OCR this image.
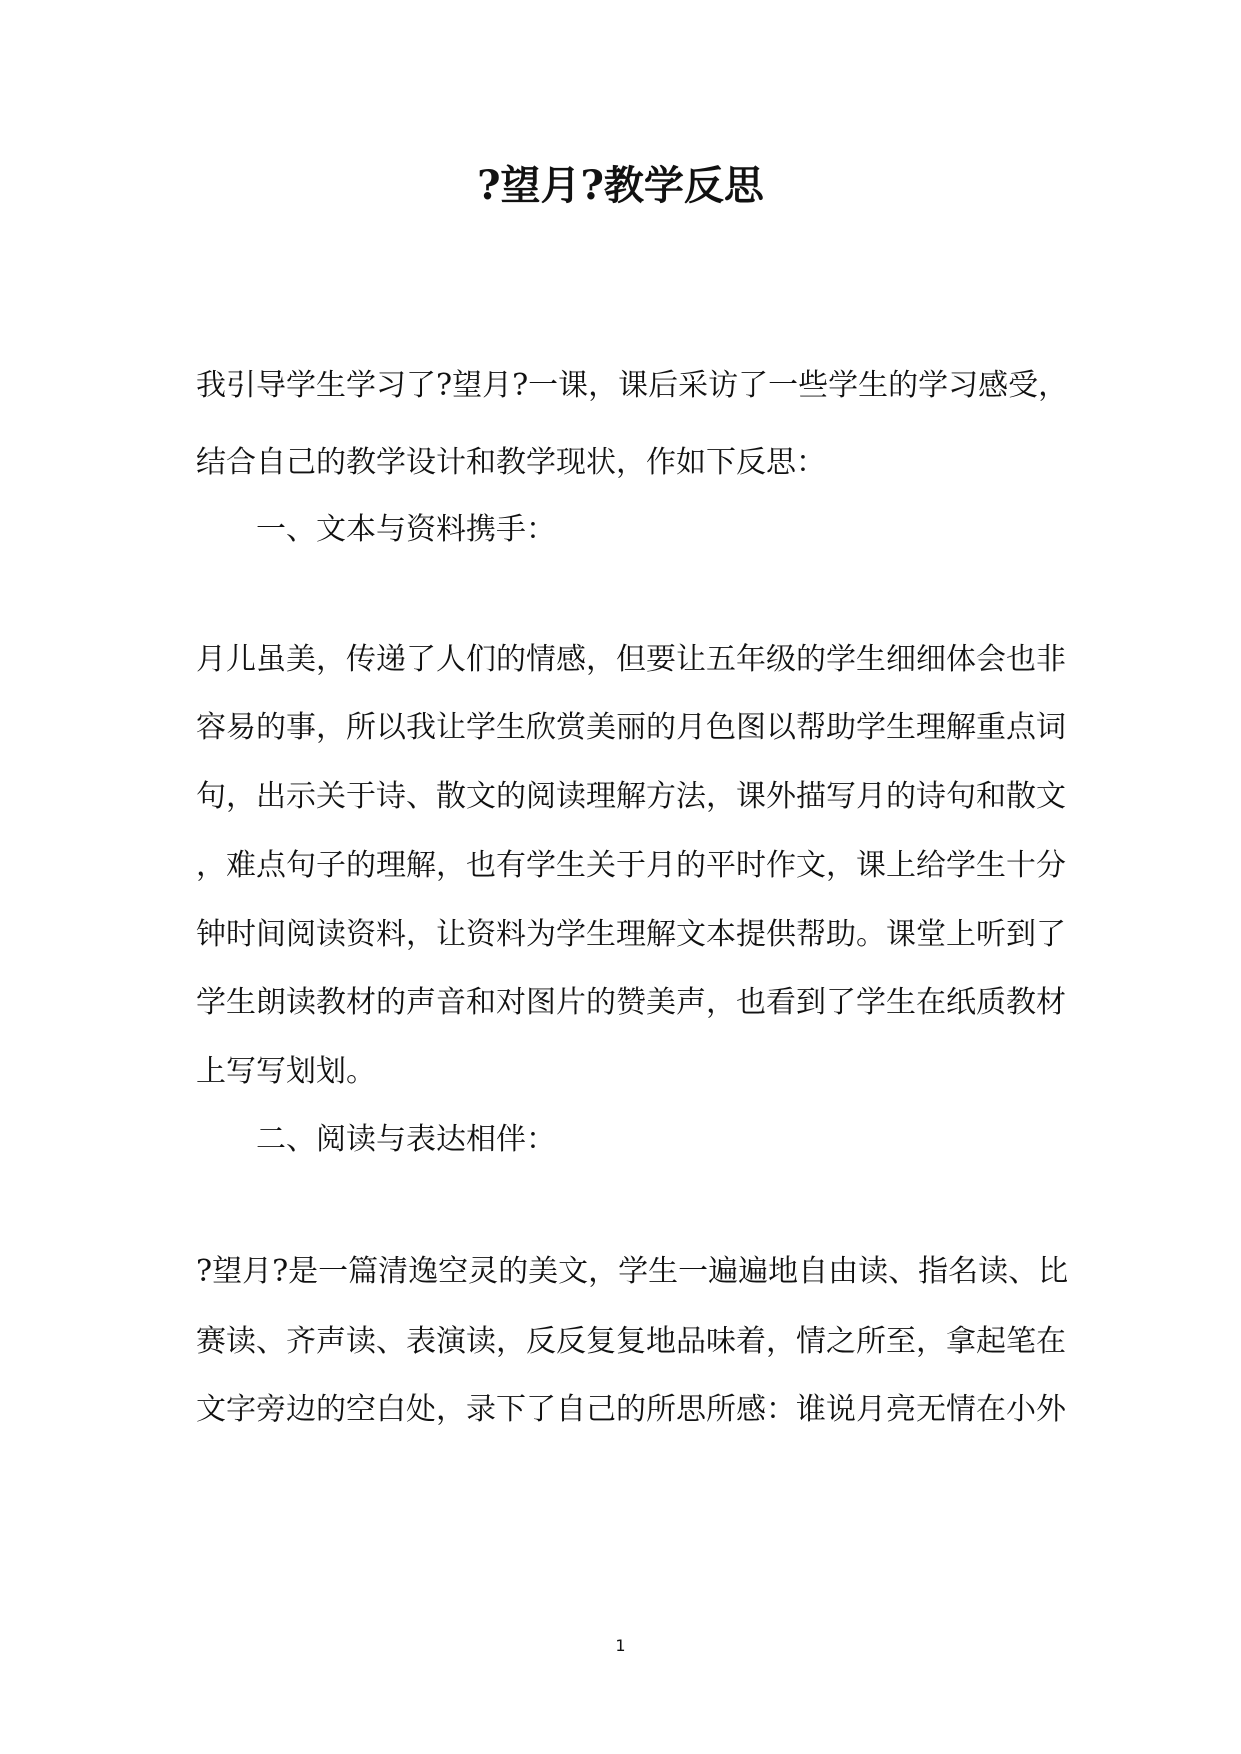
?望月?教学反思

我引导学生学习了?望月?一课，课后采访了一些学生的学习感受，

结合自己的教学设计和教学现状，作如下反思：

一、文本与资料携手：

月儿虽美，传递了人们的情感，但要让五年级的学生细细体会也非

容易的事，所以我让学生欣赏美丽的月色图以帮助学生理解重点词

句，出示关于诗、散文的阅读理解方法，课外描写月的诗句和散文

，难点句子的理解，也有学生关于月的平时作文，课上给学生十分

钟时间阅读资料，让资料为学生理解文本提供帮助。课堂上听到了

学生朗读教材的声音和对图片的赞美声，也看到了学生在纸质教材

上写写划划。

二、阅读与表达相伴：

?望月?是一篇清逸空灵的美文，学生一遍遍地自由读、指名读、比

赛读、齐声读、表演读，反反复复地品味着，情之所至，拿起笔在

文字旁边的空白处，录下了自己的所思所感：谁说月亮无情在小外

1
